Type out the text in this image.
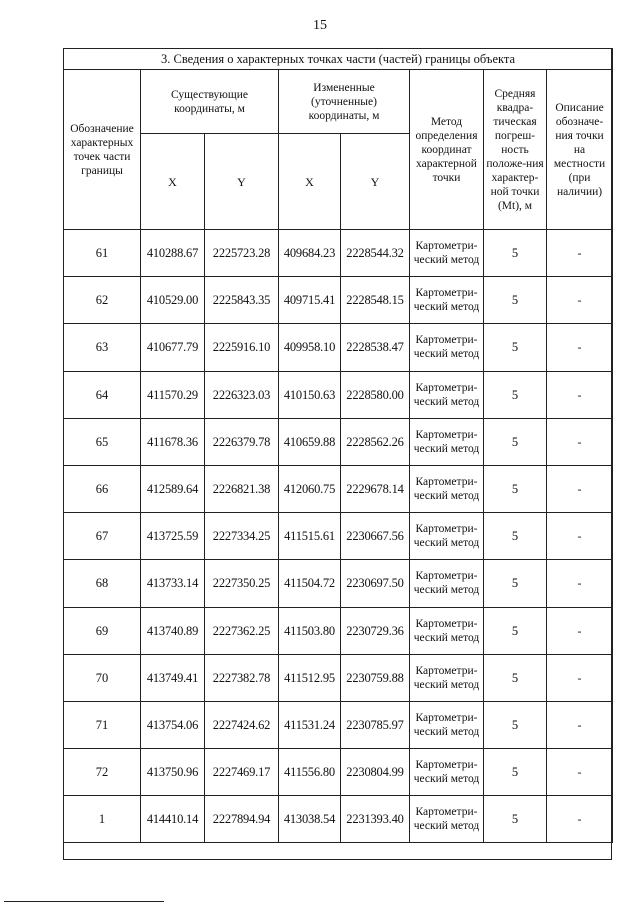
15
3. Сведения о характерных точках части (частей) границы объекта							
Обозначение характерных точек части границы	Существующие координаты, м		Измененные (уточненные) координаты, м		Метод определения координат характерной точки	Средняя квадра-тическая погреш-ность положе-ния характер-ной точки (Mt), м	Описание обозначе-ния точки на местности (при наличии)
	X	Y	X	Y			
61	410288.67	2225723.28	409684.23	2228544.32	Картометри-ческий метод	5	-
62	410529.00	2225843.35	409715.41	2228548.15	Картометри-ческий метод	5	-
63	410677.79	2225916.10	409958.10	2228538.47	Картометри-ческий метод	5	-
64	411570.29	2226323.03	410150.63	2228580.00	Картометри-ческий метод	5	-
65	411678.36	2226379.78	410659.88	2228562.26	Картометри-ческий метод	5	-
66	412589.64	2226821.38	412060.75	2229678.14	Картометри-ческий метод	5	-
67	413725.59	2227334.25	411515.61	2230667.56	Картометри-ческий метод	5	-
68	413733.14	2227350.25	411504.72	2230697.50	Картометри-ческий метод	5	-
69	413740.89	2227362.25	411503.80	2230729.36	Картометри-ческий метод	5	-
70	413749.41	2227382.78	411512.95	2230759.88	Картометри-ческий метод	5	-
71	413754.06	2227424.62	411531.24	2230785.97	Картометри-ческий метод	5	-
72	413750.96	2227469.17	411556.80	2230804.99	Картометри-ческий метод	5	-
1	414410.14	2227894.94	413038.54	2231393.40	Картометри-ческий метод	5	-
